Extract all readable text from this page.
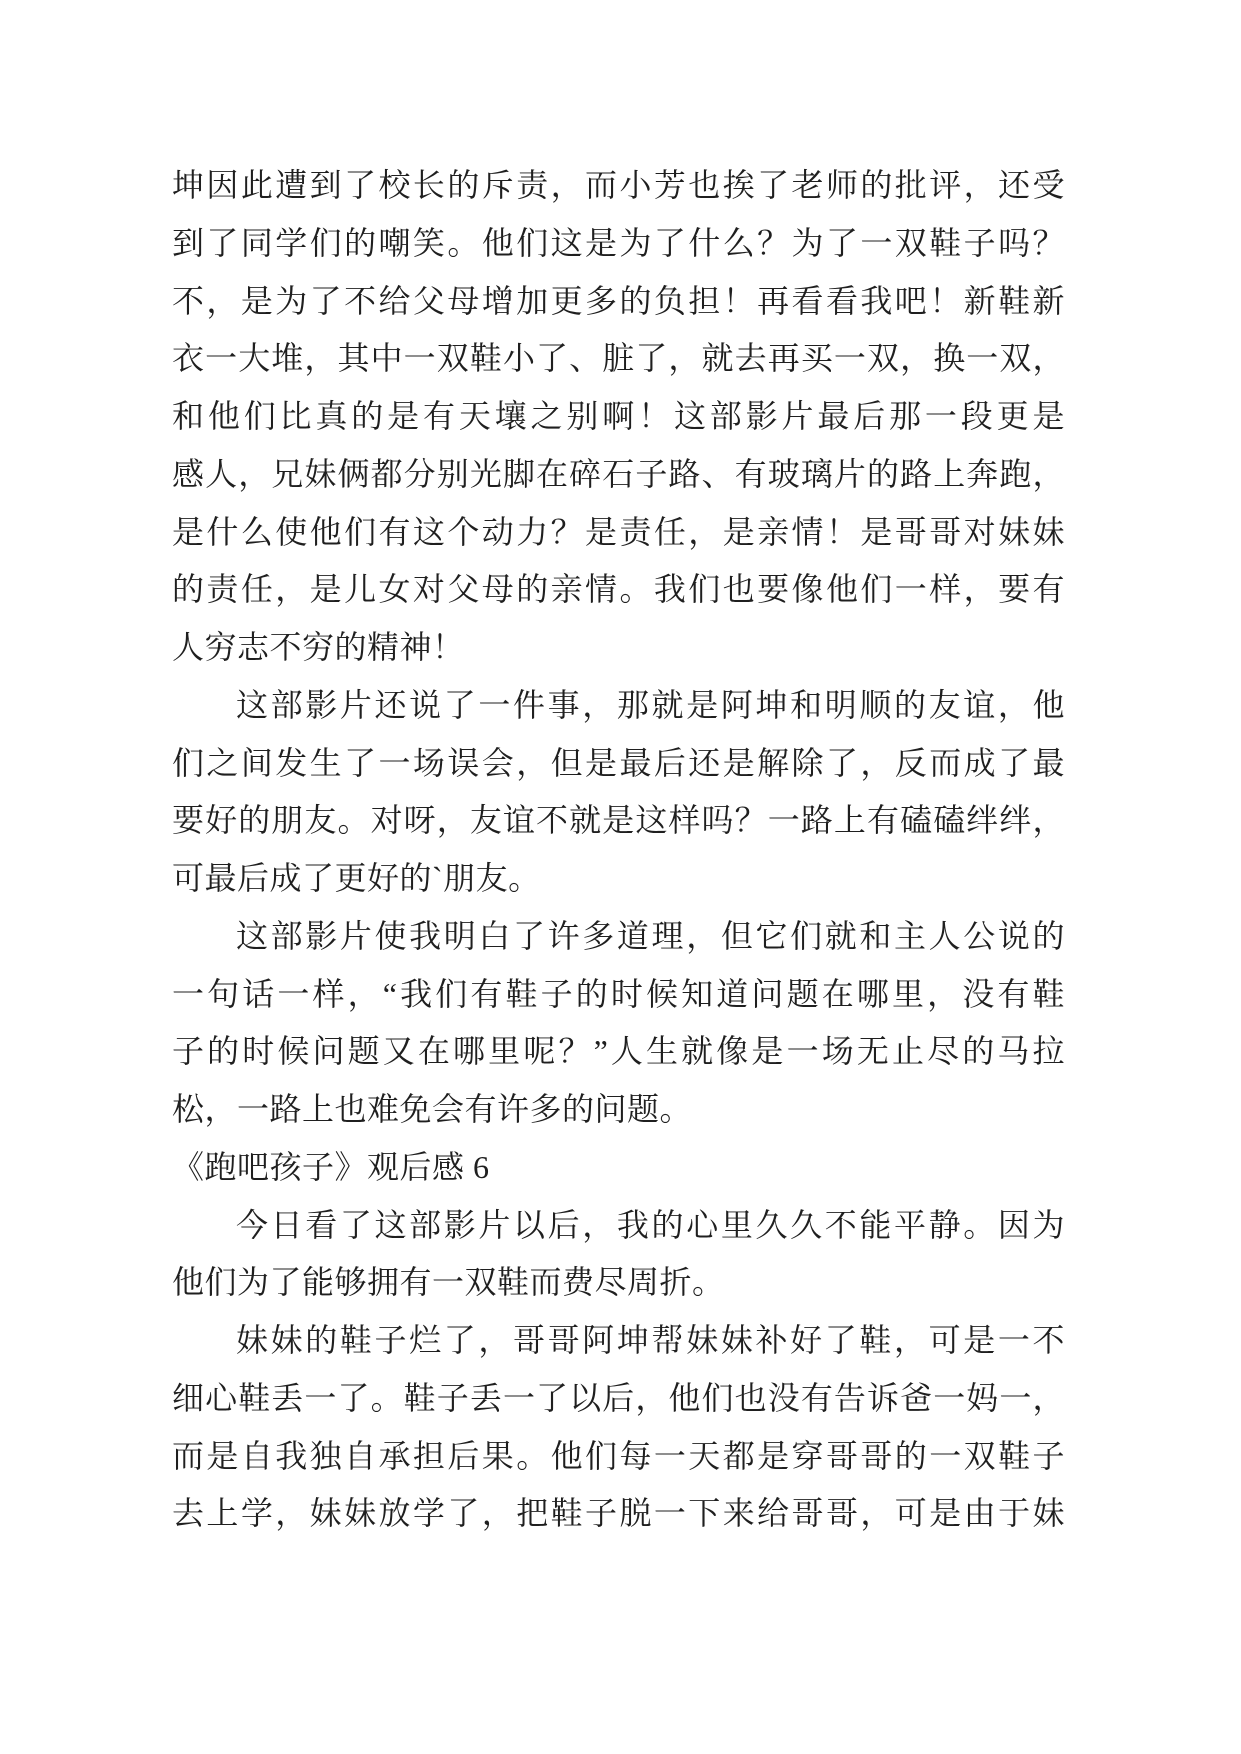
坤因此遭到了校长的斥责，而小芳也挨了老师的批评，还受
到了同学们的嘲笑。他们这是为了什么？为了一双鞋子吗？
不，是为了不给父母增加更多的负担！再看看我吧！新鞋新
衣一大堆，其中一双鞋小了、脏了，就去再买一双，换一双，
和他们比真的是有天壤之别啊！这部影片最后那一段更是
感人，兄妹俩都分别光脚在碎石子路、有玻璃片的路上奔跑，
是什么使他们有这个动力？是责任，是亲情！是哥哥对妹妹
的责任，是儿女对父母的亲情。我们也要像他们一样，要有
人穷志不穷的精神！
这部影片还说了一件事，那就是阿坤和明顺的友谊，他
们之间发生了一场误会，但是最后还是解除了，反而成了最
要好的朋友。对呀，友谊不就是这样吗？一路上有磕磕绊绊，
可最后成了更好的`朋友。
这部影片使我明白了许多道理，但它们就和主人公说的
一句话一样，“我们有鞋子的时候知道问题在哪里，没有鞋
子的时候问题又在哪里呢？”人生就像是一场无止尽的马拉
松，一路上也难免会有许多的问题。
《跑吧孩子》观后感 6
今日看了这部影片以后，我的心里久久不能平静。因为
他们为了能够拥有一双鞋而费尽周折。
妹妹的鞋子烂了，哥哥阿坤帮妹妹补好了鞋，可是一不
细心鞋丢一了。鞋子丢一了以后，他们也没有告诉爸一妈一，
而是自我独自承担后果。他们每一天都是穿哥哥的一双鞋子
去上学，妹妹放学了，把鞋子脱一下来给哥哥，可是由于妹
